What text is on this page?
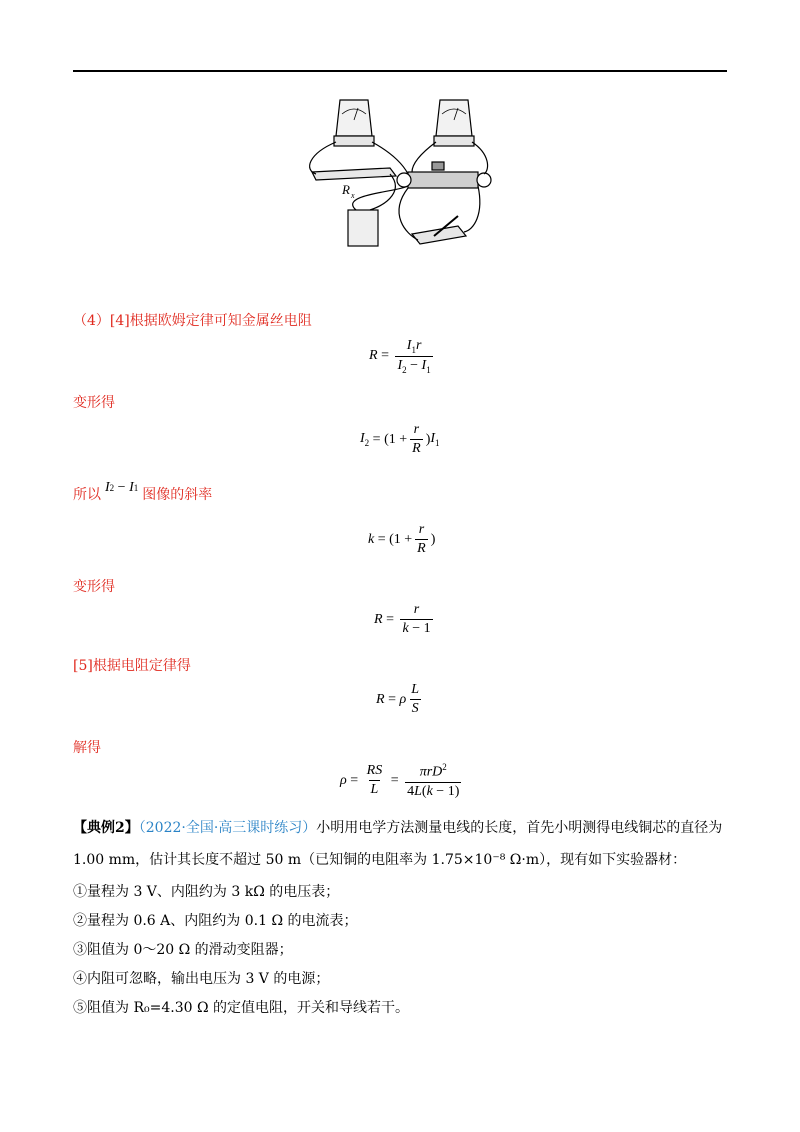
R x
（4）[4]根据欧姆定律可知金属丝电阻
$R = \frac{I_1r}{I_2 - I_1}$
变形得
$I_2 = (1 + \frac{r}{R}$ ) $I_1$
所以 I 2 − I 1 图像的斜率
$k = (1 + \frac{r}{R}$ )
变形得
$R = \frac{r}{k - 1}$
[5]根据电阻定律得
R = ρ $\frac{L}{S}$
解得
$\rho = \frac{RS}{L} = \frac{\pi rD^2}{4L(k - 1)}$
【典例2】（2022·全国·高三课时练习）小明用电学方法测量电线的长度，首先小明测得电线铜芯的直径为
1.00 mm，估计其长度不超过 50 m（已知铜的电阻率为 1.75×10⁻⁸ Ω·m），现有如下实验器材：
①量程为 3 V、内阻约为 3 kΩ 的电压表；
②量程为 0.6 A、内阻约为 0.1 Ω 的电流表；
③阻值为 0～20 Ω 的滑动变阻器；
④内阻可忽略，输出电压为 3 V 的电源；
⑤阻值为 R₀=4.30 Ω 的定值电阻，开关和导线若干。
